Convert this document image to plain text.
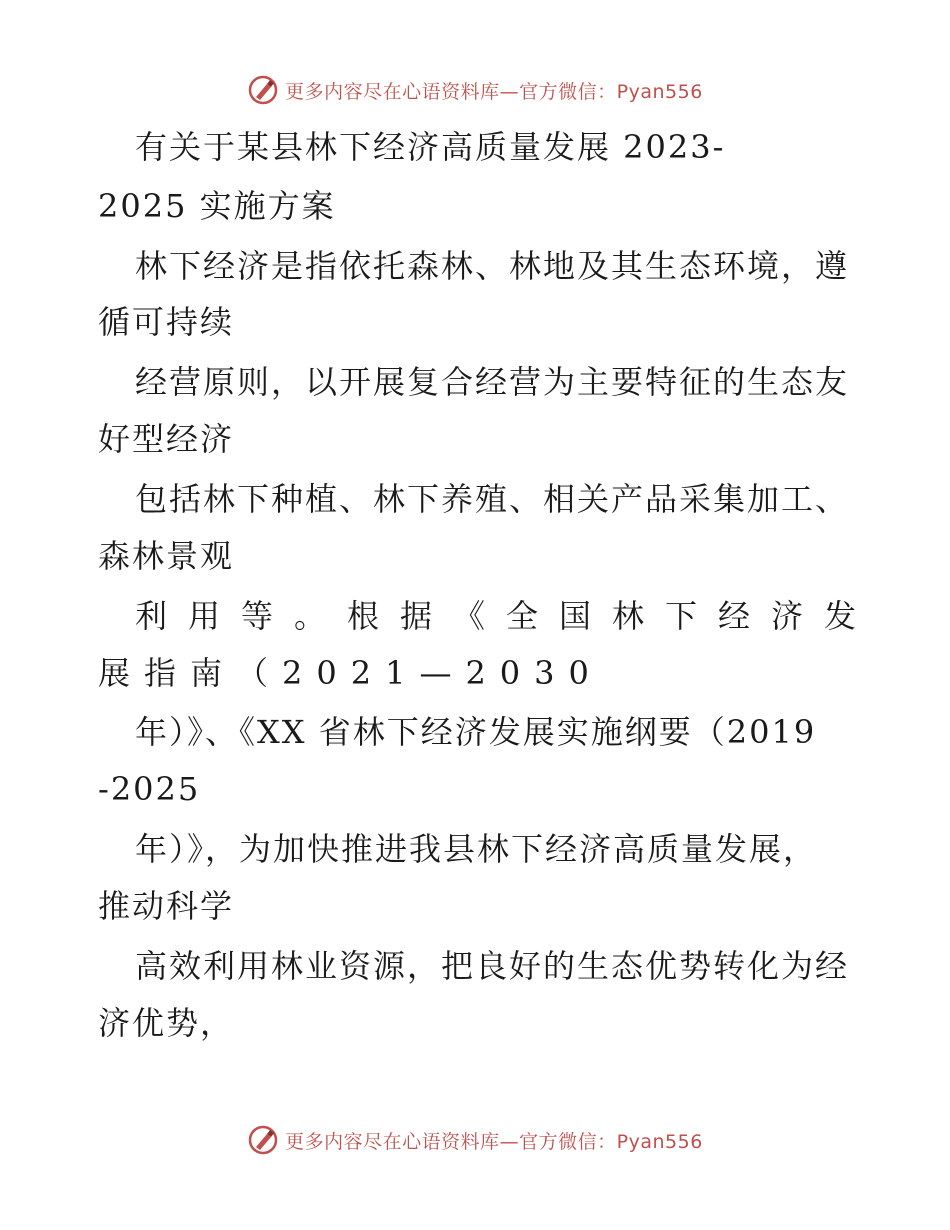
更多内容尽在心语资料库—官方微信：Pyan556
有关于某县林下经济高质量发展 2023-
2025 实施方案
林下经济是指依托森林、林地及其生态环境，遵
循可持续
经营原则，以开展复合经营为主要特征的生态友
好型经济
包括林下种植、林下养殖、相关产品采集加工、
森林景观
利用等。根据《全国林下经济发
展指南（2021—2030
年）》、《XX 省林下经济发展实施纲要（2019
-2025
年）》，为加快推进我县林下经济高质量发展，
推动科学
高效利用林业资源，把良好的生态优势转化为经
济优势，
更多内容尽在心语资料库—官方微信：Pyan556
